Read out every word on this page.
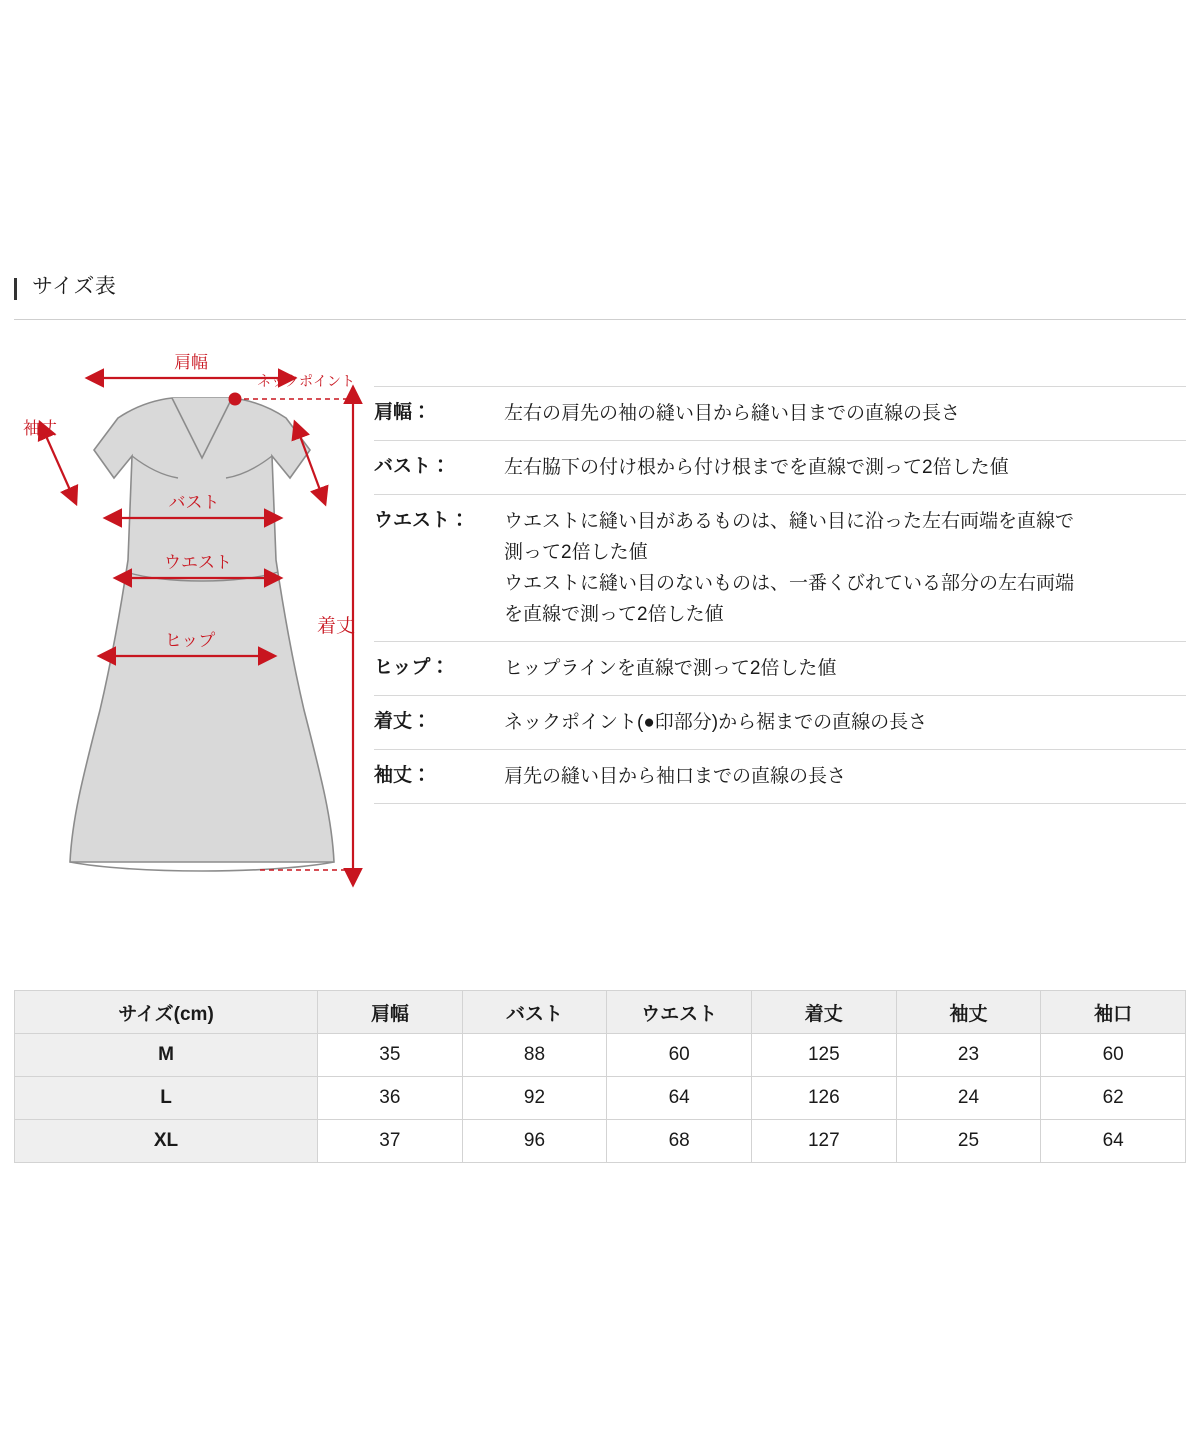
サイズ表
肩幅
ネックポイント
袖丈
バスト
ウエスト
ヒップ
着丈
肩幅：	左右の肩先の袖の縫い目から縫い目までの直線の長さ
バスト：	左右脇下の付け根から付け根までを直線で測って2倍した値
ウエスト：	ウエストに縫い目があるものは、縫い目に沿った左右両端を直線で
測って2倍した値
ウエストに縫い目のないものは、一番くびれている部分の左右両端
を直線で測って2倍した値
ヒップ：	ヒップラインを直線で測って2倍した値
着丈：	ネックポイント(●印部分)から裾までの直線の長さ
袖丈：	肩先の縫い目から袖口までの直線の長さ
サイズ(cm)	肩幅	バスト	ウエスト	着丈	袖丈	袖口
M	35	88	60	125	23	60
L	36	92	64	126	24	62
XL	37	96	68	127	25	64
